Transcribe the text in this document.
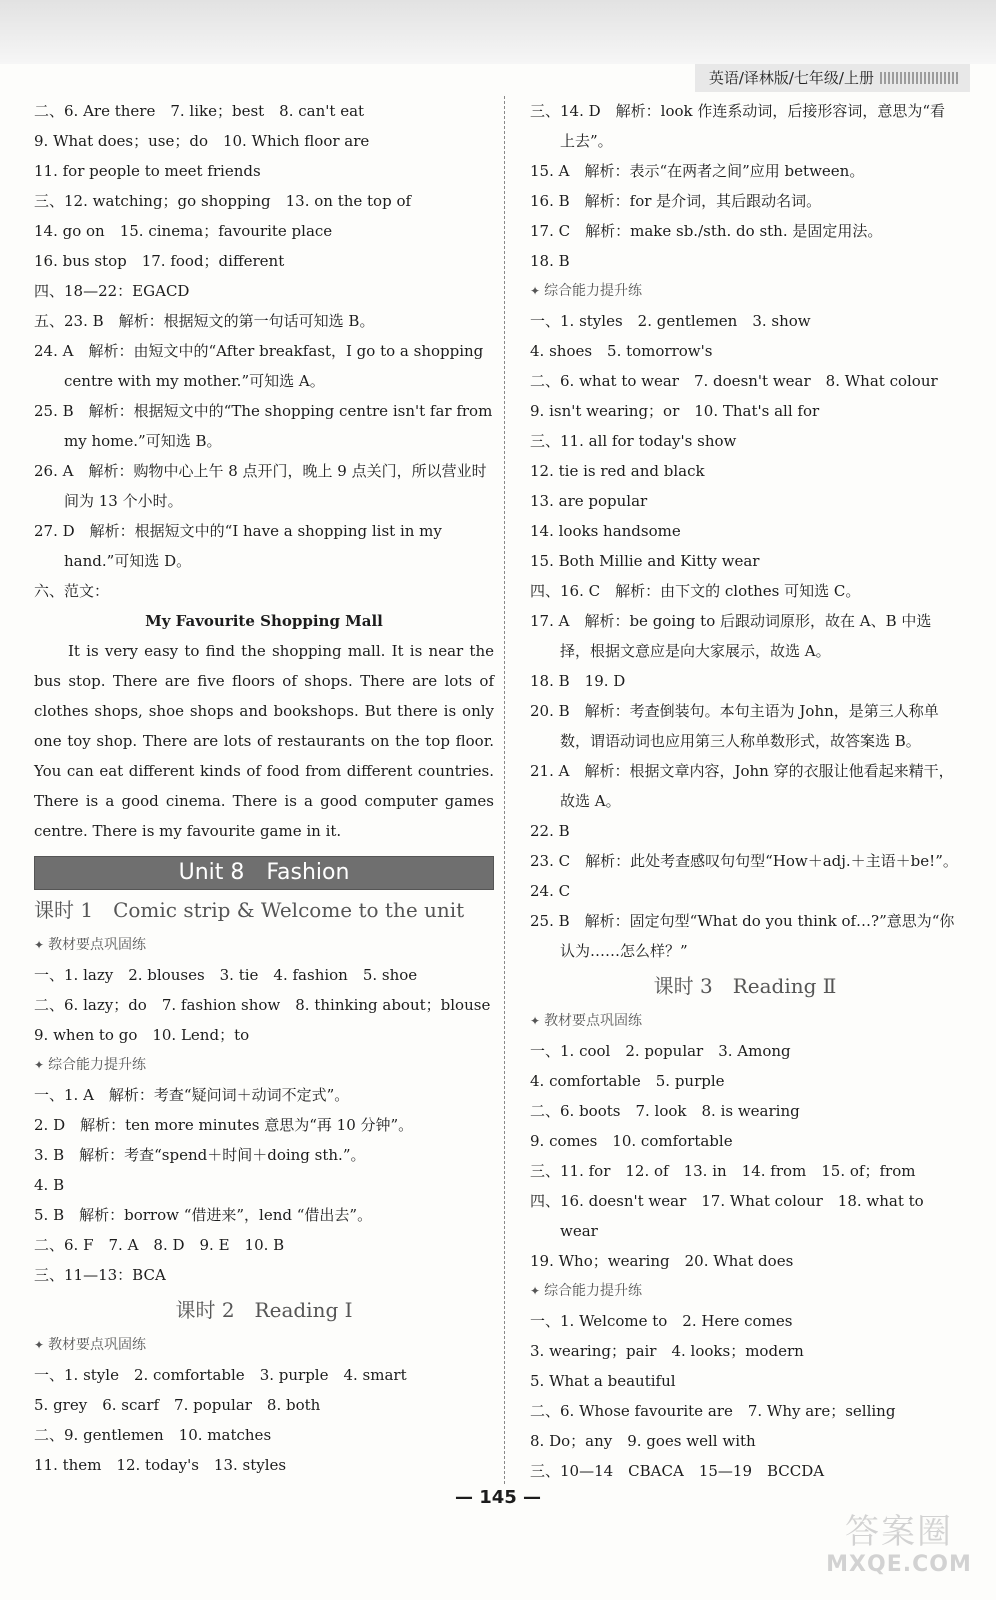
英语/译林版/七年级/上册
二、6. Are there　7. like；best　8. can't eat
9. What does；use；do　10. Which floor are
11. for people to meet friends
三、12. watching；go shopping　13. on the top of
14. go on　15. cinema；favourite place
16. bus stop　17. food；different
四、18—22：EGACD
五、23. B　解析：根据短文的第一句话可知选 B。
24. A　解析：由短文中的“After breakfast，I go to a shopping centre with my mother.”可知选 A。
25. B　解析：根据短文中的“The shopping centre isn't far from my home.”可知选 B。
26. A　解析：购物中心上午 8 点开门，晚上 9 点关门，所以营业时间为 13 个小时。
27. D　解析：根据短文中的“I have a shopping list in my hand.”可知选 D。
六、范文：
My Favourite Shopping Mall
It is very easy to find the shopping mall. It is near the bus stop. There are five floors of shops. There are lots of clothes shops, shoe shops and bookshops. But there is only one toy shop. There are lots of restaurants on the top floor. You can eat different kinds of food from different countries. There is a good cinema. There is a good computer games centre. There is my favourite game in it.
Unit 8　Fashion
课时 1　Comic strip & Welcome to the unit
✦ 教材要点巩固练
一、1. lazy　2. blouses　3. tie　4. fashion　5. shoe
二、6. lazy；do　7. fashion show　8. thinking about；blouse
9. when to go　10. Lend；to
✦ 综合能力提升练
一、1. A　解析：考查“疑问词＋动词不定式”。
2. D　解析：ten more minutes 意思为“再 10 分钟”。
3. B　解析：考查“spend＋时间＋doing sth.”。
4. B
5. B　解析：borrow “借进来”，lend “借出去”。
二、6. F　7. A　8. D　9. E　10. B
三、11—13：BCA
课时 2　Reading Ⅰ
✦ 教材要点巩固练
一、1. style　2. comfortable　3. purple　4. smart
5. grey　6. scarf　7. popular　8. both
二、9. gentlemen　10. matches
11. them　12. today's　13. styles
三、14. D　解析：look 作连系动词，后接形容词，意思为“看上去”。
15. A　解析：表示“在两者之间”应用 between。
16. B　解析：for 是介词，其后跟动名词。
17. C　解析：make sb./sth. do sth. 是固定用法。
18. B
✦ 综合能力提升练
一、1. styles　2. gentlemen　3. show
4. shoes　5. tomorrow's
二、6. what to wear　7. doesn't wear　8. What colour
9. isn't wearing；or　10. That's all for
三、11. all for today's show
12. tie is red and black
13. are popular
14. looks handsome
15. Both Millie and Kitty wear
四、16. C　解析：由下文的 clothes 可知选 C。
17. A　解析：be going to 后跟动词原形，故在 A、B 中选择，根据文意应是向大家展示，故选 A。
18. B　19. D
20. B　解析：考查倒装句。本句主语为 John，是第三人称单数，谓语动词也应用第三人称单数形式，故答案选 B。
21. A　解析：根据文章内容，John 穿的衣服让他看起来精干，故选 A。
22. B
23. C　解析：此处考查感叹句句型“How＋adj.＋主语＋be!”。
24. C
25. B　解析：固定句型“What do you think of…?”意思为“你认为……怎么样？”
课时 3　Reading Ⅱ
✦ 教材要点巩固练
一、1. cool　2. popular　3. Among
4. comfortable　5. purple
二、6. boots　7. look　8. is wearing
9. comes　10. comfortable
三、11. for　12. of　13. in　14. from　15. of；from
四、16. doesn't wear　17. What colour　18. what to wear
19. Who；wearing　20. What does
✦ 综合能力提升练
一、1. Welcome to　2. Here comes
3. wearing；pair　4. looks；modern
5. What a beautiful
二、6. Whose favourite are　7. Why are；selling
8. Do；any　9. goes well with
三、10—14　CBACA　15—19　BCCDA
— 145 —
答案圈
MXQE.COM
